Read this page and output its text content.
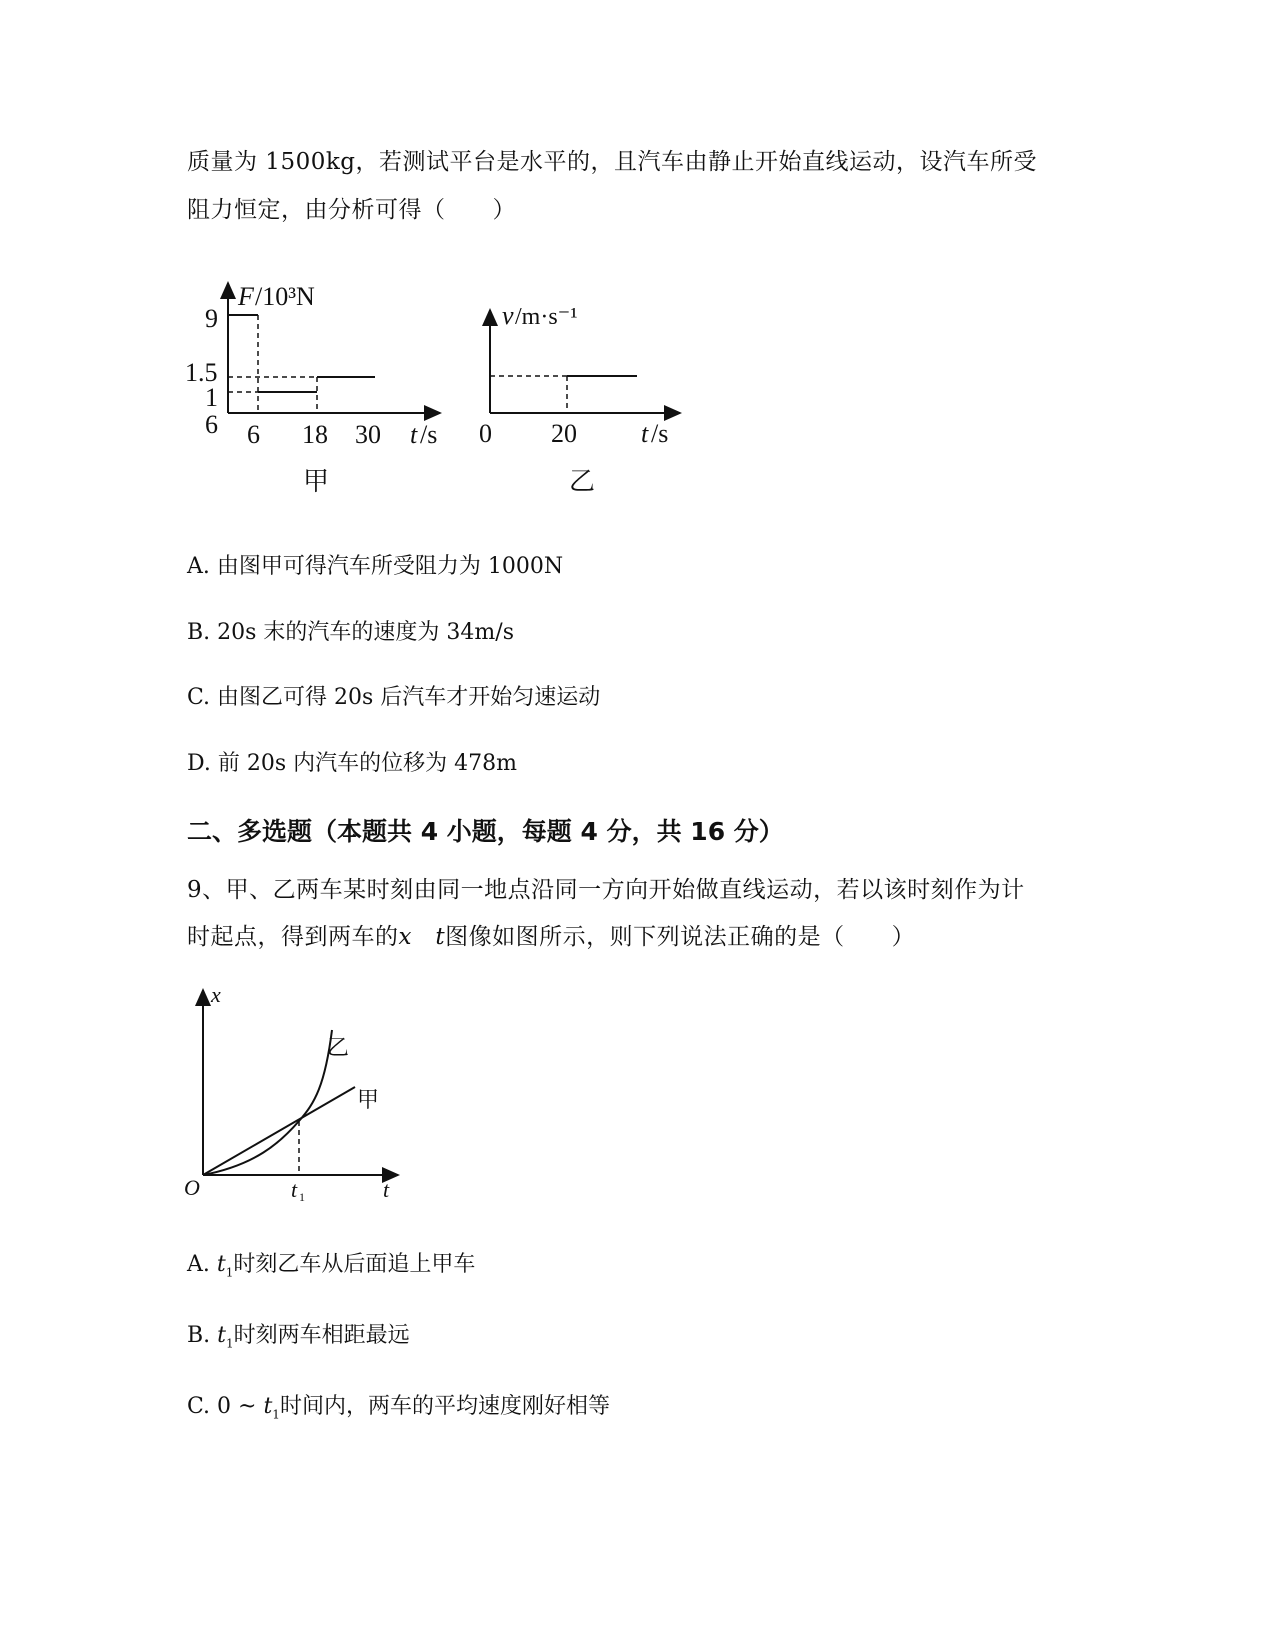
质量为 1500kg，若测试平台是水平的，且汽车由静止开始直线运动，设汽车所受
阻力恒定，由分析可得（　　）
F /10³N
9
1.5
1
6 6 18 30 t /s
甲
v /m·s⁻¹
0 20 t /s
乙
A. 由图甲可得汽车所受阻力为 1000N
B. 20s 末的汽车的速度为 34m/s
C. 由图乙可得 20s 后汽车才开始匀速运动
D. 前 20s 内汽车的位移为 478m
二、多选题（本题共 4 小题，每题 4 分，共 16 分）
9、甲、乙两车某时刻由同一地点沿同一方向开始做直线运动，若以该时刻作为计
时起点，得到两车的x t图像如图所示，则下列说法正确的是（　　）
x
O	t 1	t
乙
甲
A. $t_1$时刻乙车从后面追上甲车
B. $t_1$时刻两车相距最远
C. 0 ~ $t_1$时间内，两车的平均速度刚好相等
